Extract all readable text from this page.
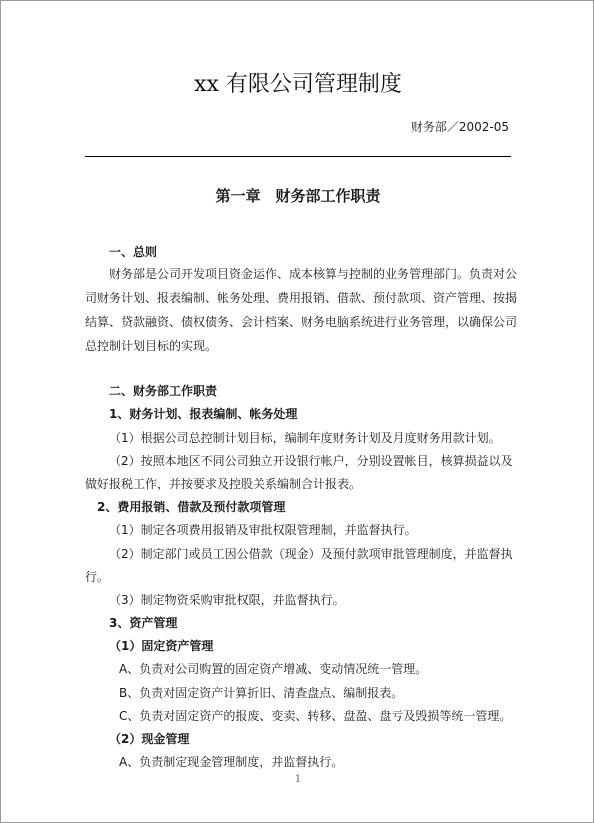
xx 有限公司管理制度
财务部／2002-05
第一章　财务部工作职责
一、总则
财务部是公司开发项目资金运作、成本核算与控制的业务管理部门。负责对公
司财务计划、报表编制、帐务处理、费用报销、借款、预付款项、资产管理、按揭
结算、贷款融资、债权债务、会计档案、财务电脑系统进行业务管理，以确保公司
总控制计划目标的实现。
二、财务部工作职责
1、财务计划、报表编制、帐务处理
（1）根据公司总控制计划目标，编制年度财务计划及月度财务用款计划。
（2）按照本地区不同公司独立开设银行帐户，分别设置帐目，核算损益以及
做好报税工作，并按要求及控股关系编制合计报表。
2、费用报销、借款及预付款项管理
（1）制定各项费用报销及审批权限管理制，并监督执行。
（2）制定部门或员工因公借款（现金）及预付款项审批管理制度，并监督执
行。
（3）制定物资采购审批权限，并监督执行。
3、资产管理
（1）固定资产管理
A、负责对公司购置的固定资产增减、变动情况统一管理。
B、负责对固定资产计算折旧、清查盘点、编制报表。
C、负责对固定资产的报废、变卖、转移、盘盈、盘亏及毁损等统一管理。
（2）现金管理
A、负责制定现金管理制度，并监督执行。
1
